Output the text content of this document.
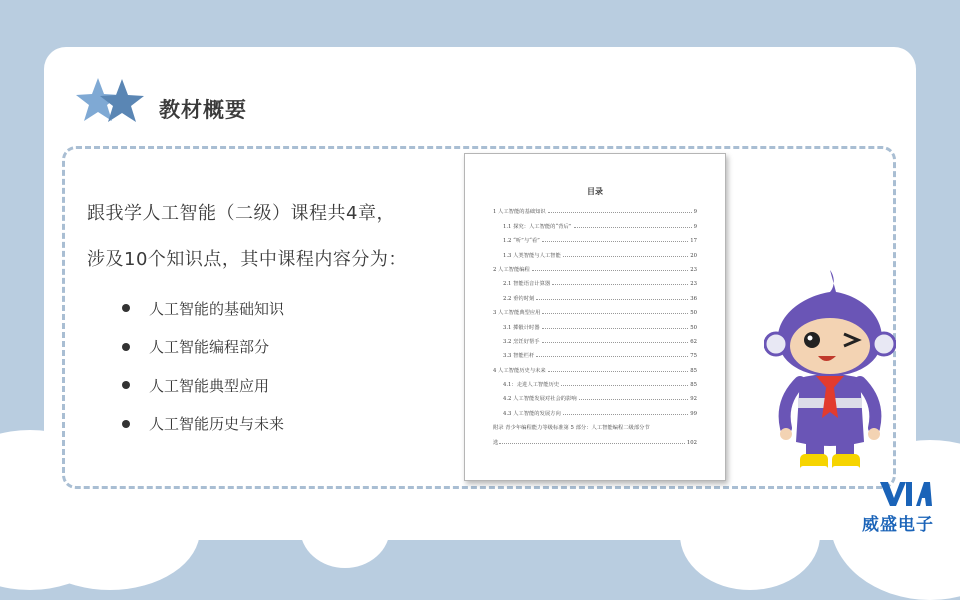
教材概要
跟我学人工智能（二级）课程共4章，
涉及10个知识点，其中课程内容分为：
人工智能的基础知识
人工智能编程部分
人工智能典型应用
人工智能历史与未来
目录
1 人工智能的基础知识	9
1.1 探究：人工智能的“背后”	9
1.2 “听”与“看”	17
1.3 人类智能与人工智能	20
2 人工智能编程	23
2.1 智能语音计算器	23
2.2 垂钓时刻	36
3 人工智能典型应用	50
3.1 掷骰计时器	50
3.2 烹饪好帮手	62
3.3 智能栏杆	75
4 人工智能历史与未来	85
4.1：走进人工智能历史	85
4.2 人工智能发展对社会的影响	92
4.3 人工智能的发展方向	99
附录 青少年编程能力等级标准第 5 部分：人工智能编程二级部分节
选	102
威盛电子
